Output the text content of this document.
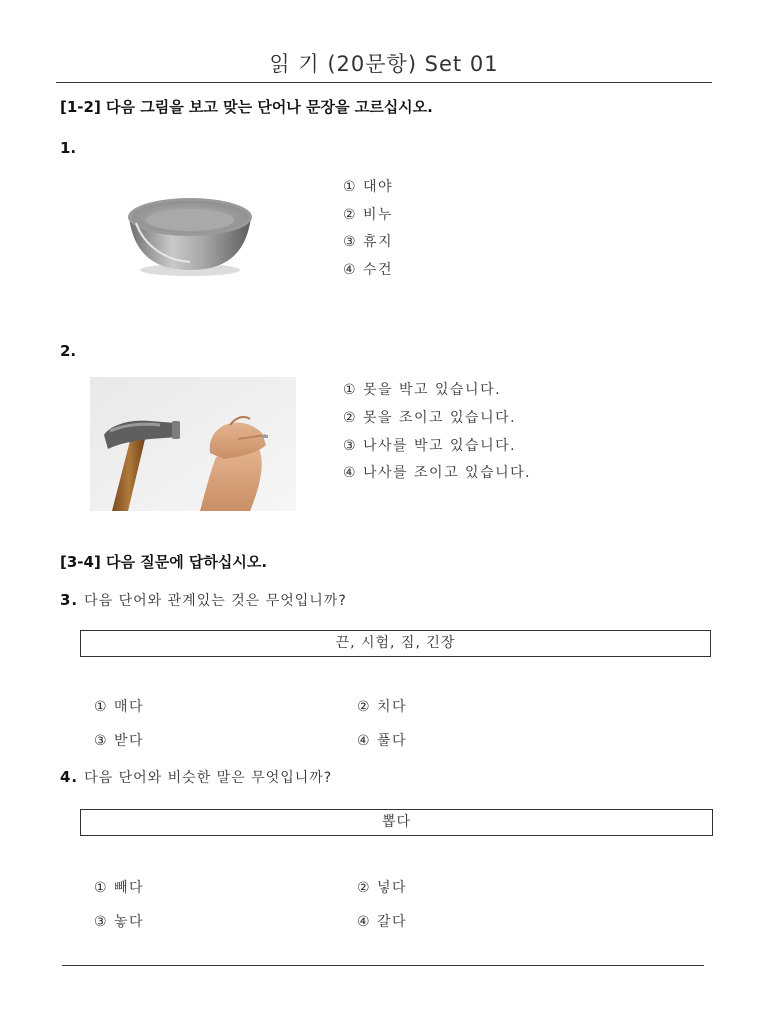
읽 기 (20문항) Set 01
[1-2] 다음 그림을 보고 맞는 단어나 문장을 고르십시오.
1.
① 대야
② 비누
③ 휴지
④ 수건
2.
① 못을 박고 있습니다.
② 못을 조이고 있습니다.
③ 나사를 박고 있습니다.
④ 나사를 조이고 있습니다.
[3-4] 다음 질문에 답하십시오.
3. 다음 단어와 관계있는 것은 무엇입니까?
끈, 시험, 짐, 긴장
① 매다	② 치다
③ 받다	④ 풀다
4. 다음 단어와 비슷한 말은 무엇입니까?
뽑다
① 빼다	② 넣다
③ 놓다	④ 갈다
